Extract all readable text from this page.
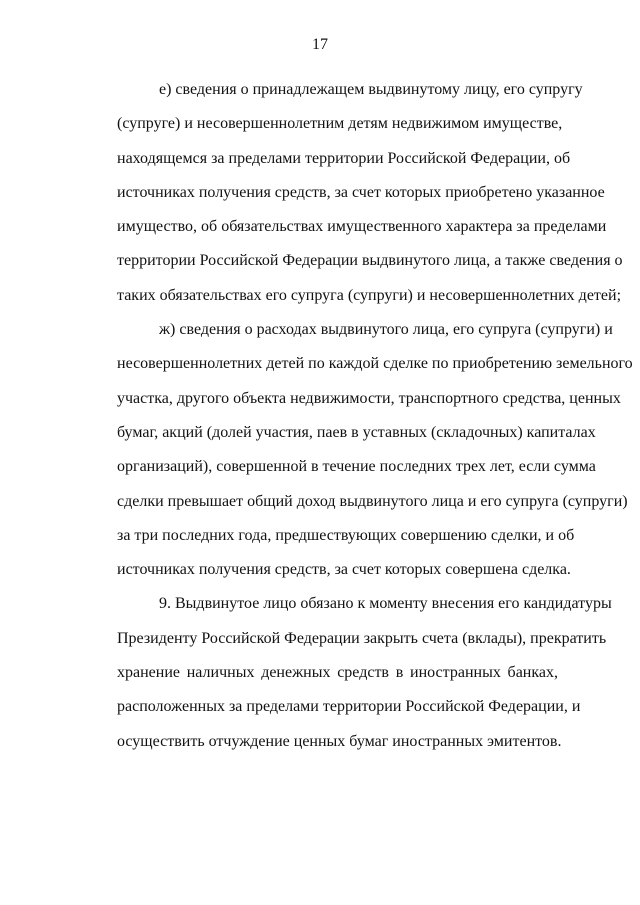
17
е) сведения о принадлежащем выдвинутому лицу, его супругу
(супруге) и несовершеннолетним детям недвижимом имуществе,
находящемся за пределами территории Российской Федерации, об
источниках получения средств, за счет которых приобретено указанное
имущество, об обязательствах имущественного характера за пределами
территории Российской Федерации выдвинутого лица, а также сведения о
таких обязательствах его супруга (супруги) и несовершеннолетних детей;
ж) сведения о расходах выдвинутого лица, его супруга (супруги) и
несовершеннолетних детей по каждой сделке по приобретению земельного
участка, другого объекта недвижимости, транспортного средства, ценных
бумаг, акций (долей участия, паев в уставных (складочных) капиталах
организаций), совершенной в течение последних трех лет, если сумма
сделки превышает общий доход выдвинутого лица и его супруга (супруги)
за три последних года, предшествующих совершению сделки, и об
источниках получения средств, за счет которых совершена сделка.
9. Выдвинутое лицо обязано к моменту внесения его кандидатуры
Президенту Российской Федерации закрыть счета (вклады), прекратить
хранение наличных денежных средств в иностранных банках,
расположенных за пределами территории Российской Федерации, и
осуществить отчуждение ценных бумаг иностранных эмитентов.
